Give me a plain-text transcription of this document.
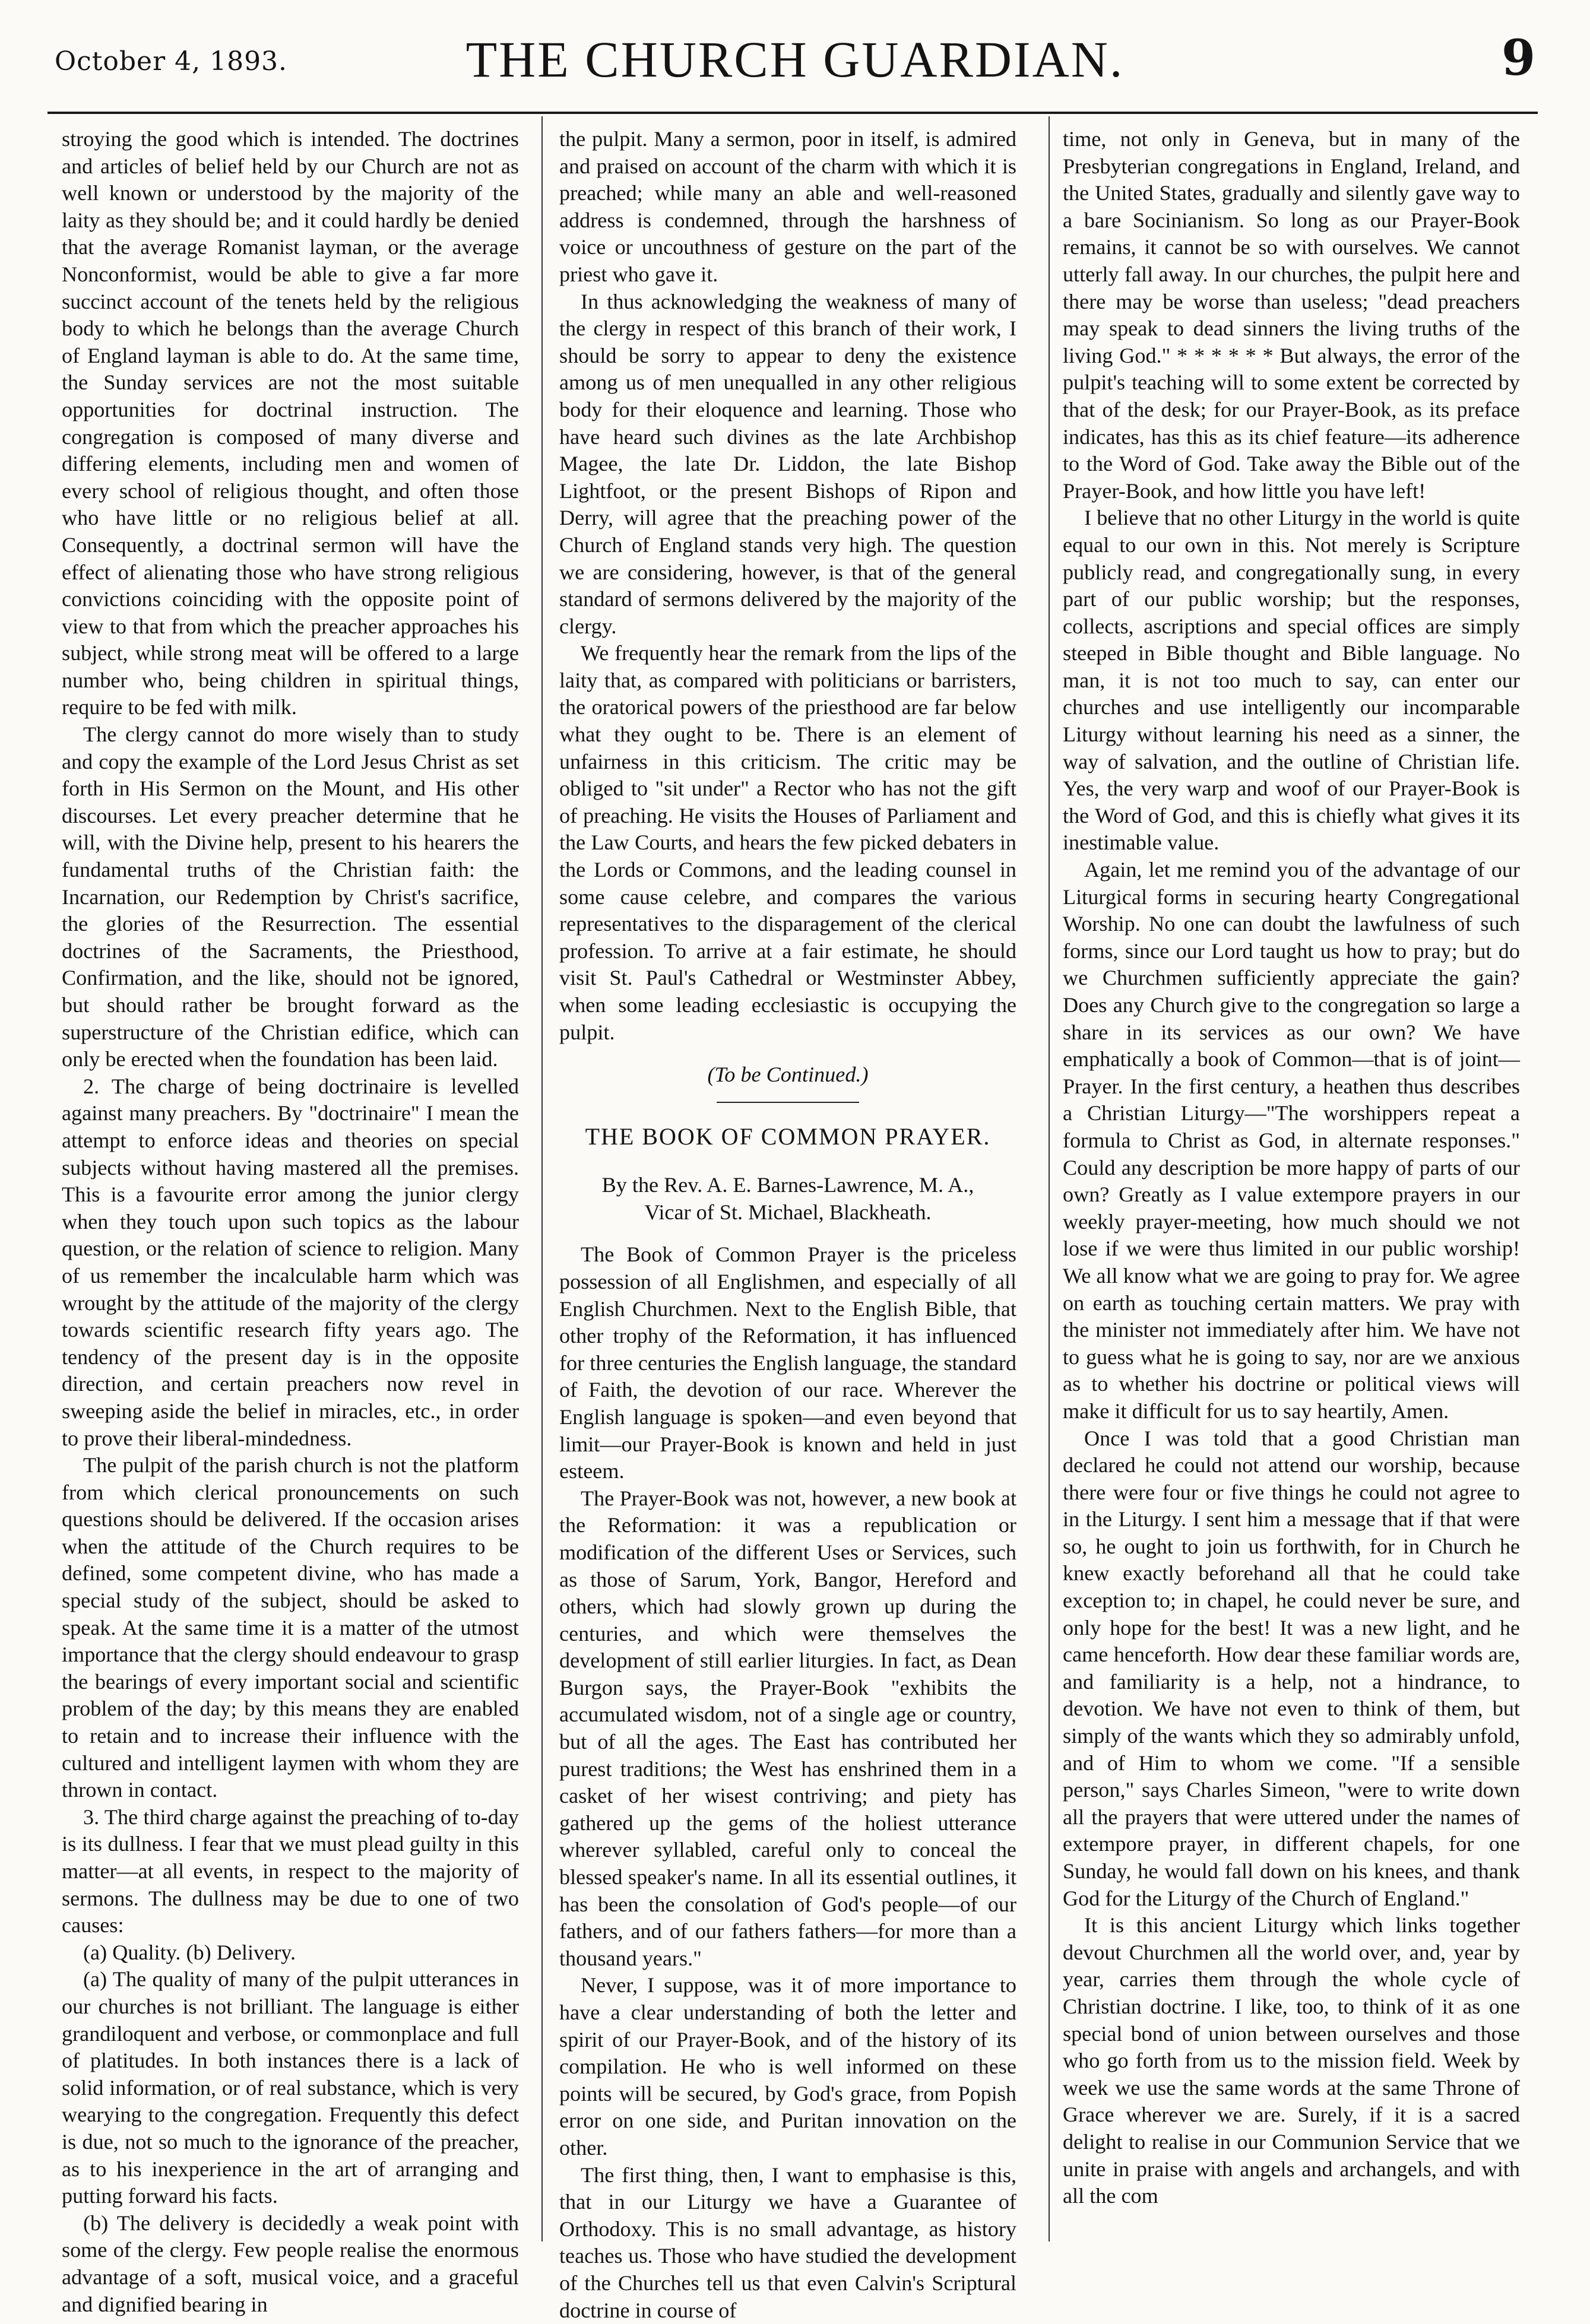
October 4, 1893.	THE CHURCH GUARDIAN.	9

stroying the good which is intended. The doctrines and articles of belief held by our Church are not as well known or understood by the majority of the laity as they should be; and it could hardly be denied that the average Romanist layman, or the average Nonconformist, would be able to give a far more succinct account of the tenets held by the religious body to which he belongs than the average Church of England layman is able to do. At the same time, the Sunday services are not the most suitable opportunities for doctrinal instruction. The congregation is composed of many diverse and differing elements, including men and women of every school of religious thought, and often those who have little or no religious belief at all. Consequently, a doctrinal sermon will have the effect of alienating those who have strong religious convictions coinciding with the opposite point of view to that from which the preacher approaches his subject, while strong meat will be offered to a large number who, being children in spiritual things, require to be fed with milk.

The clergy cannot do more wisely than to study and copy the example of the Lord Jesus Christ as set forth in His Sermon on the Mount, and His other discourses. Let every preacher determine that he will, with the Divine help, present to his hearers the fundamental truths of the Christian faith: the Incarnation, our Redemption by Christ's sacrifice, the glories of the Resurrection. The essential doctrines of the Sacraments, the Priesthood, Confirmation, and the like, should not be ignored, but should rather be brought forward as the superstructure of the Christian edifice, which can only be erected when the foundation has been laid.

2. The charge of being doctrinaire is levelled against many preachers. By "doctrinaire" I mean the attempt to enforce ideas and theories on special subjects without having mastered all the premises. This is a favourite error among the junior clergy when they touch upon such topics as the labour question, or the relation of science to religion. Many of us remember the incalculable harm which was wrought by the attitude of the majority of the clergy towards scientific research fifty years ago. The tendency of the present day is in the opposite direction, and certain preachers now revel in sweeping aside the belief in miracles, etc., in order to prove their liberal-mindedness.

The pulpit of the parish church is not the platform from which clerical pronouncements on such questions should be delivered. If the occasion arises when the attitude of the Church requires to be defined, some competent divine, who has made a special study of the subject, should be asked to speak. At the same time it is a matter of the utmost importance that the clergy should endeavour to grasp the bearings of every important social and scientific problem of the day; by this means they are enabled to retain and to increase their influence with the cultured and intelligent laymen with whom they are thrown in contact.

3. The third charge against the preaching of to-day is its dullness. I fear that we must plead guilty in this matter—at all events, in respect to the majority of sermons. The dullness may be due to one of two causes:

(a) Quality. (b) Delivery.

(a) The quality of many of the pulpit utterances in our churches is not brilliant. The language is either grandiloquent and verbose, or commonplace and full of platitudes. In both instances there is a lack of solid information, or of real substance, which is very wearying to the congregation. Frequently this defect is due, not so much to the ignorance of the preacher, as to his inexperience in the art of arranging and putting forward his facts.

(b) The delivery is decidedly a weak point with some of the clergy. Few people realise the enormous advantage of a soft, musical voice, and a graceful and dignified bearing in

the pulpit. Many a sermon, poor in itself, is admired and praised on account of the charm with which it is preached; while many an able and well-reasoned address is condemned, through the harshness of voice or uncouthness of gesture on the part of the priest who gave it.

In thus acknowledging the weakness of many of the clergy in respect of this branch of their work, I should be sorry to appear to deny the existence among us of men unequalled in any other religious body for their eloquence and learning. Those who have heard such divines as the late Archbishop Magee, the late Dr. Liddon, the late Bishop Lightfoot, or the present Bishops of Ripon and Derry, will agree that the preaching power of the Church of England stands very high. The question we are considering, however, is that of the general standard of sermons delivered by the majority of the clergy.

We frequently hear the remark from the lips of the laity that, as compared with politicians or barristers, the oratorical powers of the priesthood are far below what they ought to be. There is an element of unfairness in this criticism. The critic may be obliged to "sit under" a Rector who has not the gift of preaching. He visits the Houses of Parliament and the Law Courts, and hears the few picked debaters in the Lords or Commons, and the leading counsel in some cause celebre, and compares the various representatives to the disparagement of the clerical profession. To arrive at a fair estimate, he should visit St. Paul's Cathedral or Westminster Abbey, when some leading ecclesiastic is occupying the pulpit.

(To be Continued.)
THE BOOK OF COMMON PRAYER.
By the Rev. A. E. Barnes-Lawrence, M. A.,
Vicar of St. Michael, Blackheath.

The Book of Common Prayer is the priceless possession of all Englishmen, and especially of all English Churchmen. Next to the English Bible, that other trophy of the Reformation, it has influenced for three centuries the English language, the standard of Faith, the devotion of our race. Wherever the English language is spoken—and even beyond that limit—our Prayer-Book is known and held in just esteem.

The Prayer-Book was not, however, a new book at the Reformation: it was a republication or modification of the different Uses or Services, such as those of Sarum, York, Bangor, Hereford and others, which had slowly grown up during the centuries, and which were themselves the development of still earlier liturgies. In fact, as Dean Burgon says, the Prayer-Book "exhibits the accumulated wisdom, not of a single age or country, but of all the ages. The East has contributed her purest traditions; the West has enshrined them in a casket of her wisest contriving; and piety has gathered up the gems of the holiest utterance wherever syllabled, careful only to conceal the blessed speaker's name. In all its essential outlines, it has been the consolation of God's people—of our fathers, and of our fathers fathers—for more than a thousand years."

Never, I suppose, was it of more importance to have a clear understanding of both the letter and spirit of our Prayer-Book, and of the history of its compilation. He who is well informed on these points will be secured, by God's grace, from Popish error on one side, and Puritan innovation on the other.

The first thing, then, I want to emphasise is this, that in our Liturgy we have a Guarantee of Orthodoxy. This is no small advantage, as history teaches us. Those who have studied the development of the Churches tell us that even Calvin's Scriptural doctrine in course of

time, not only in Geneva, but in many of the Presbyterian congregations in England, Ireland, and the United States, gradually and silently gave way to a bare Socinianism. So long as our Prayer-Book remains, it cannot be so with ourselves. We cannot utterly fall away. In our churches, the pulpit here and there may be worse than useless; "dead preachers may speak to dead sinners the living truths of the living God." * * * * * * But always, the error of the pulpit's teaching will to some extent be corrected by that of the desk; for our Prayer-Book, as its preface indicates, has this as its chief feature—its adherence to the Word of God. Take away the Bible out of the Prayer-Book, and how little you have left!

I believe that no other Liturgy in the world is quite equal to our own in this. Not merely is Scripture publicly read, and congregationally sung, in every part of our public worship; but the responses, collects, ascriptions and special offices are simply steeped in Bible thought and Bible language. No man, it is not too much to say, can enter our churches and use intelligently our incomparable Liturgy without learning his need as a sinner, the way of salvation, and the outline of Christian life. Yes, the very warp and woof of our Prayer-Book is the Word of God, and this is chiefly what gives it its inestimable value.

Again, let me remind you of the advantage of our Liturgical forms in securing hearty Congregational Worship. No one can doubt the lawfulness of such forms, since our Lord taught us how to pray; but do we Churchmen sufficiently appreciate the gain? Does any Church give to the congregation so large a share in its services as our own? We have emphatically a book of Common—that is of joint—Prayer. In the first century, a heathen thus describes a Christian Liturgy—"The worshippers repeat a formula to Christ as God, in alternate responses." Could any description be more happy of parts of our own? Greatly as I value extempore prayers in our weekly prayer-meeting, how much should we not lose if we were thus limited in our public worship! We all know what we are going to pray for. We agree on earth as touching certain matters. We pray with the minister not immediately after him. We have not to guess what he is going to say, nor are we anxious as to whether his doctrine or political views will make it difficult for us to say heartily, Amen.

Once I was told that a good Christian man declared he could not attend our worship, because there were four or five things he could not agree to in the Liturgy. I sent him a message that if that were so, he ought to join us forthwith, for in Church he knew exactly beforehand all that he could take exception to; in chapel, he could never be sure, and only hope for the best! It was a new light, and he came henceforth. How dear these familiar words are, and familiarity is a help, not a hindrance, to devotion. We have not even to think of them, but simply of the wants which they so admirably unfold, and of Him to whom we come. "If a sensible person," says Charles Simeon, "were to write down all the prayers that were uttered under the names of extempore prayer, in different chapels, for one Sunday, he would fall down on his knees, and thank God for the Liturgy of the Church of England."

It is this ancient Liturgy which links together devout Churchmen all the world over, and, year by year, carries them through the whole cycle of Christian doctrine. I like, too, to think of it as one special bond of union between ourselves and those who go forth from us to the mission field. Week by week we use the same words at the same Throne of Grace wherever we are. Surely, if it is a sacred delight to realise in our Communion Service that we unite in praise with angels and archangels, and with all the com
